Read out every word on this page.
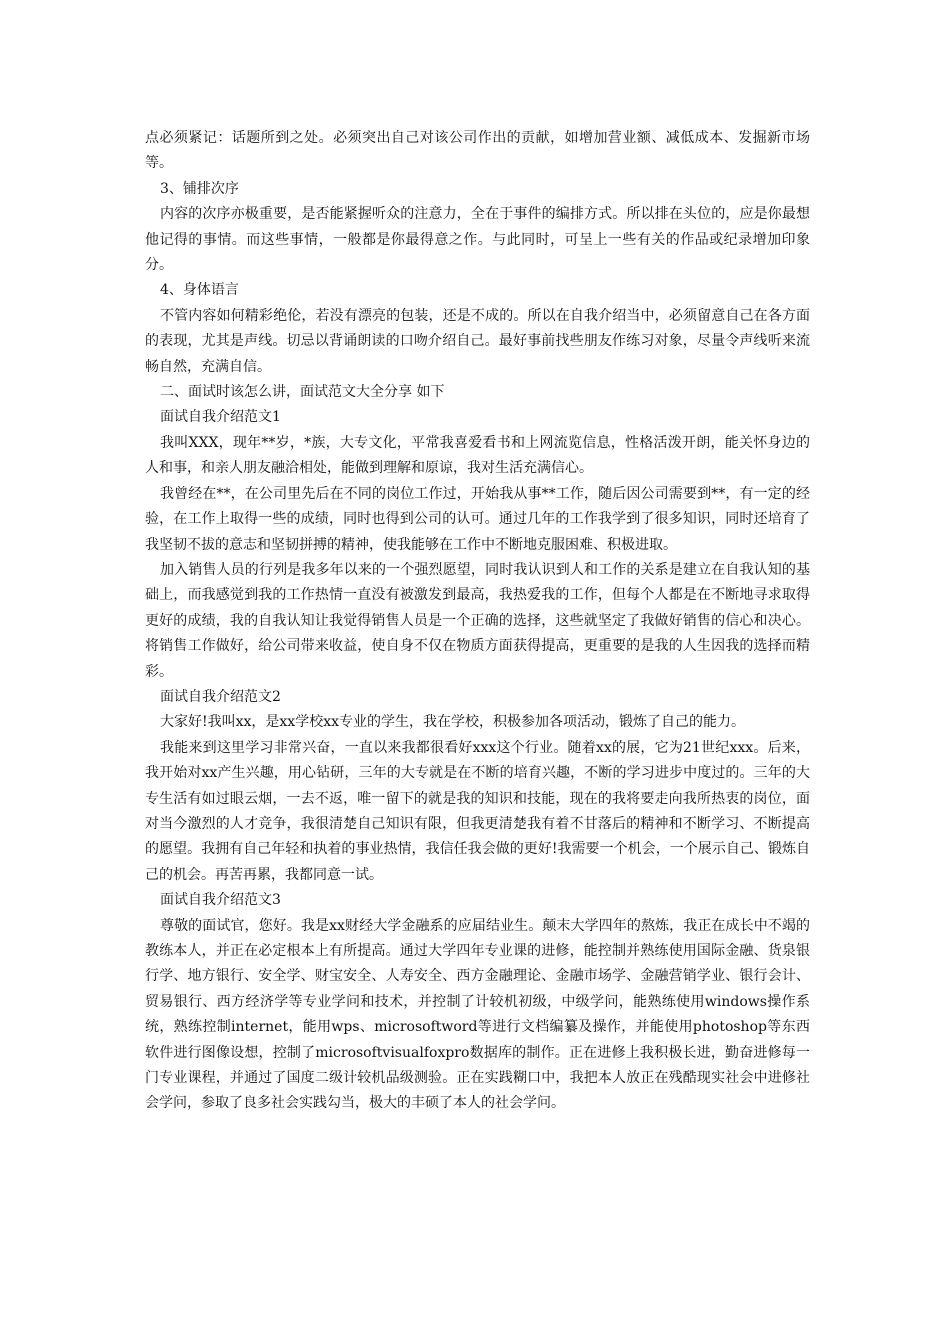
点必须紧记：话题所到之处。必须突出自己对该公司作出的贡献，如增加营业额、减低成本、发掘新市场等。

3、铺排次序

内容的次序亦极重要，是否能紧握听众的注意力，全在于事件的编排方式。所以排在头位的，应是你最想他记得的事情。而这些事情，一般都是你最得意之作。与此同时，可呈上一些有关的作品或纪录增加印象分。

4、身体语言

不管内容如何精彩绝伦，若没有漂亮的包装，还是不成的。所以在自我介绍当中，必须留意自己在各方面的表现，尤其是声线。切忌以背诵朗读的口吻介绍自己。最好事前找些朋友作练习对象，尽量令声线听来流畅自然，充满自信。

二、面试时该怎么讲，面试范文大全分享 如下

面试自我介绍范文1

我叫XXX，现年**岁，*族，大专文化，平常我喜爱看书和上网流览信息，性格活泼开朗，能关怀身边的人和事，和亲人朋友融洽相处，能做到理解和原谅，我对生活充满信心。

我曾经在**，在公司里先后在不同的岗位工作过，开始我从事**工作，随后因公司需要到**，有一定的经验，在工作上取得一些的成绩，同时也得到公司的认可。通过几年的工作我学到了很多知识，同时还培育了我坚韧不拔的意志和坚韧拼搏的精神，使我能够在工作中不断地克服困难、积极进取。

加入销售人员的行列是我多年以来的一个强烈愿望，同时我认识到人和工作的关系是建立在自我认知的基础上，而我感觉到我的工作热情一直没有被激发到最高，我热爱我的工作，但每个人都是在不断地寻求取得更好的成绩，我的自我认知让我觉得销售人员是一个正确的选择，这些就坚定了我做好销售的信心和决心。将销售工作做好，给公司带来收益，使自身不仅在物质方面获得提高，更重要的是我的人生因我的选择而精彩。

面试自我介绍范文2

大家好!我叫xx，是xx学校xx专业的学生，我在学校，积极参加各项活动，锻炼了自己的能力。

我能来到这里学习非常兴奋，一直以来我都很看好xxx这个行业。随着xx的展，它为21世纪xxx。后来，我开始对xx产生兴趣，用心钻研，三年的大专就是在不断的培育兴趣，不断的学习进步中度过的。三年的大专生活有如过眼云烟，一去不返，唯一留下的就是我的知识和技能，现在的我将要走向我所热衷的岗位，面对当今激烈的人才竞争，我很清楚自己知识有限，但我更清楚我有着不甘落后的精神和不断学习、不断提高的愿望。我拥有自己年轻和执着的事业热情，我信任我会做的更好!我需要一个机会，一个展示自己、锻炼自己的机会。再苦再累，我都同意一试。

面试自我介绍范文3

尊敬的面试官，您好。我是xx财经大学金融系的应届结业生。颠末大学四年的熬炼，我正在成长中不竭的教练本人，并正在必定根本上有所提高。通过大学四年专业课的进修，能控制并熟练使用国际金融、货泉银行学、地方银行、安全学、财宝安全、人寿安全、西方金融理论、金融市场学、金融营销学业、银行会计、贸易银行、西方经济学等专业学问和技术，并控制了计较机初级，中级学问，能熟练使用windows操作系统，熟练控制internet，能用wps、microsoftword等进行文档编纂及操作，并能使用photoshop等东西软件进行图像设想，控制了microsoftvisualfoxpro数据库的制作。正在进修上我积极长进，勤奋进修每一门专业课程，并通过了国度二级计较机品级测验。正在实践糊口中，我把本人放正在残酷现实社会中进修社会学问，参取了良多社会实践勾当，极大的丰硕了本人的社会学问。
